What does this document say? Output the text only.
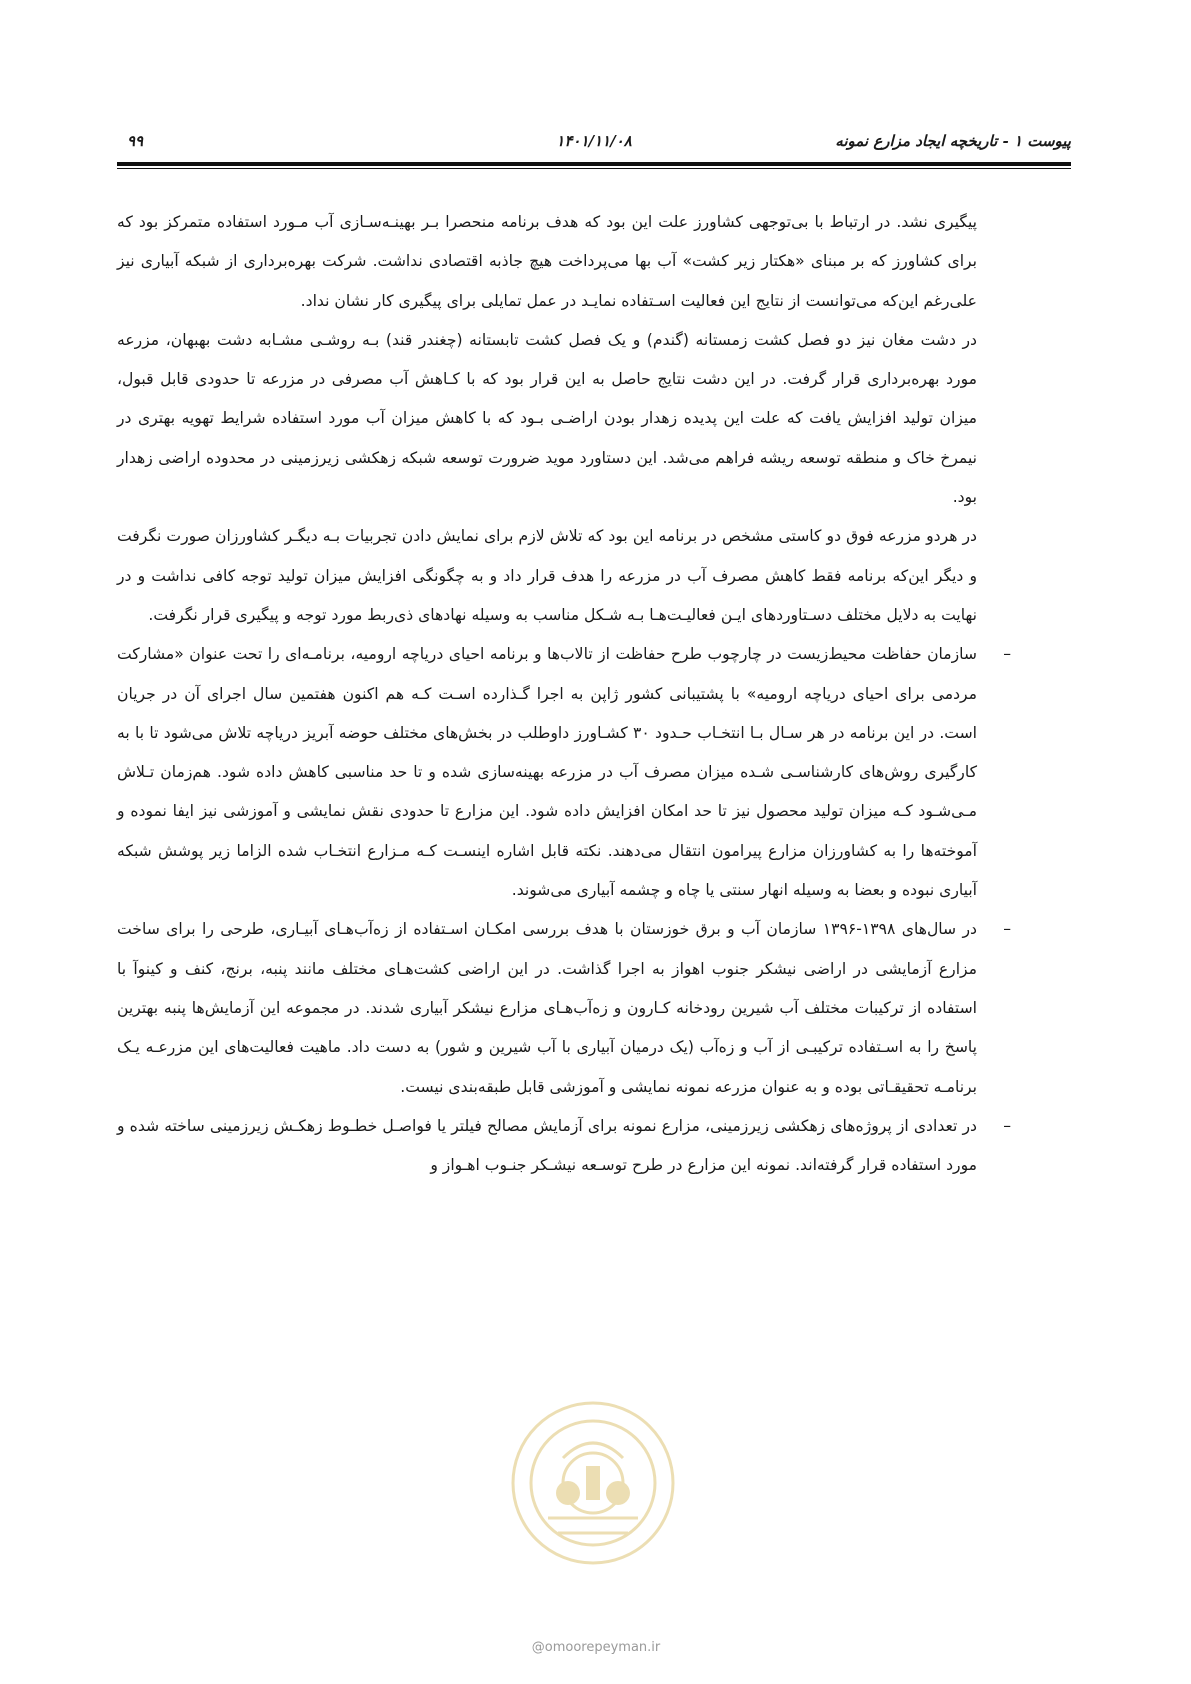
پیوست ۱ - تاریخچه ایجاد مزارع نمونه
۱۴۰۱/۱۱/۰۸
۹۹

پیگیری نشد. در ارتباط با بی‌توجهی کشاورز علت این بود که هدف برنامه منحصرا بـر بهینـه‌سـازی آب مـورد استفاده متمرکز بود که برای کشاورز که بر مبنای «هکتار زیر کشت» آب بها می‌پرداخت هیچ جاذبه اقتصادی نداشت. شرکت بهره‌برداری از شبکه آبیاری نیز علی‌رغم این‌که می‌توانست از نتایج این فعالیت اسـتفاده نمایـد در عمل تمایلی برای پیگیری کار نشان نداد.

در دشت مغان نیز دو فصل کشت زمستانه (گندم) و یک فصل کشت تابستانه (چغندر قند) بـه روشـی مشـابه دشت بهبهان، مزرعه مورد بهره‌برداری قرار گرفت. در این دشت نتایج حاصل به این قرار بود که با کـاهش آب مصرفی در مزرعه تا حدودی قابل قبول، میزان تولید افزایش یافت که علت این پدیده زهدار بودن اراضـی بـود که با کاهش میزان آب مورد استفاده شرایط تهویه بهتری در نیمرخ خاک و منطقه توسعه ریشه فراهم می‌شد. این دستاورد موید ضرورت توسعه شبکه زهکشی زیرزمینی در محدوده اراضی زهدار بود.

در هردو مزرعه فوق دو کاستی مشخص در برنامه این بود که تلاش لازم برای نمایش دادن تجربیات بـه دیگـر کشاورزان صورت نگرفت و دیگر این‌که برنامه فقط کاهش مصرف آب در مزرعه را هدف قرار داد و به چگونگی افزایش میزان تولید توجه کافی نداشت و در نهایت به دلایل مختلف دسـتاوردهای ایـن فعالیـت‌هـا بـه شـکل مناسب به وسیله نهادهای ذی‌ربط مورد توجه و پیگیری قرار نگرفت.

–
سازمان حفاظت محیط‌زیست در چارچوب طرح حفاظت از تالاب‌ها و برنامه احیای دریاچه ارومیه، برنامـه‌ای را تحت عنوان «مشارکت مردمی برای احیای دریاچه ارومیه» با پشتیبانی کشور ژاپن به اجرا گـذارده اسـت کـه هم اکنون هفتمین سال اجرای آن در جریان است. در این برنامه در هر سـال بـا انتخـاب حـدود ۳۰ کشـاورز داوطلب در بخش‌های مختلف حوضه آبریز دریاچه تلاش می‌شود تا با به کارگیری روش‌های کارشناسـی شـده میزان مصرف آب در مزرعه بهینه‌سازی شده و تا حد مناسبی کاهش داده شود. هم‌زمان تـلاش مـی‌شـود کـه میزان تولید محصول نیز تا حد امکان افزایش داده شود. این مزارع تا حدودی نقش نمایشی و آموزشی نیز ایفا نموده و آموخته‌ها را به کشاورزان مزارع پیرامون انتقال می‌دهند. نکته قابل اشاره اینسـت کـه مـزارع انتخـاب شده الزاما زیر پوشش شبکه آبیاری نبوده و بعضا به وسیله انهار سنتی یا چاه و چشمه آبیاری می‌شوند.

–
در سال‌های ۱۳۹۸-۱۳۹۶ سازمان آب و برق خوزستان با هدف بررسی امکـان اسـتفاده از زه‌آب‌هـای آبیـاری، طرحی را برای ساخت مزارع آزمایشی در اراضی نیشکر جنوب اهواز به اجرا گذاشت. در این اراضی کشت‌هـای مختلف مانند پنبه، برنج، کنف و کینوآ با استفاده از ترکیبات مختلف آب شیرین رودخانه کـارون و زه‌آب‌هـای مزارع نیشکر آبیاری شدند. در مجموعه این آزمایش‌ها پنبه بهترین پاسخ را به اسـتفاده ترکیبـی از آب و زه‌آب (یک درمیان آبیاری با آب شیرین و شور) به دست داد. ماهیت فعالیت‌های این مزرعـه یـک برنامـه تحقیقـاتی بوده و به عنوان مزرعه نمونه نمایشی و آموزشی قابل طبقه‌بندی نیست.

–
در تعدادی از پروژه‌های زهکشی زیرزمینی، مزارع نمونه برای آزمایش مصالح فیلتر یا فواصـل خطـوط زهکـش زیرزمینی ساخته شده و مورد استفاده قرار گرفته‌اند. نمونه این مزارع در طرح توسـعه نیشـکر جنـوب اهـواز و

@omoorepeyman.ir
